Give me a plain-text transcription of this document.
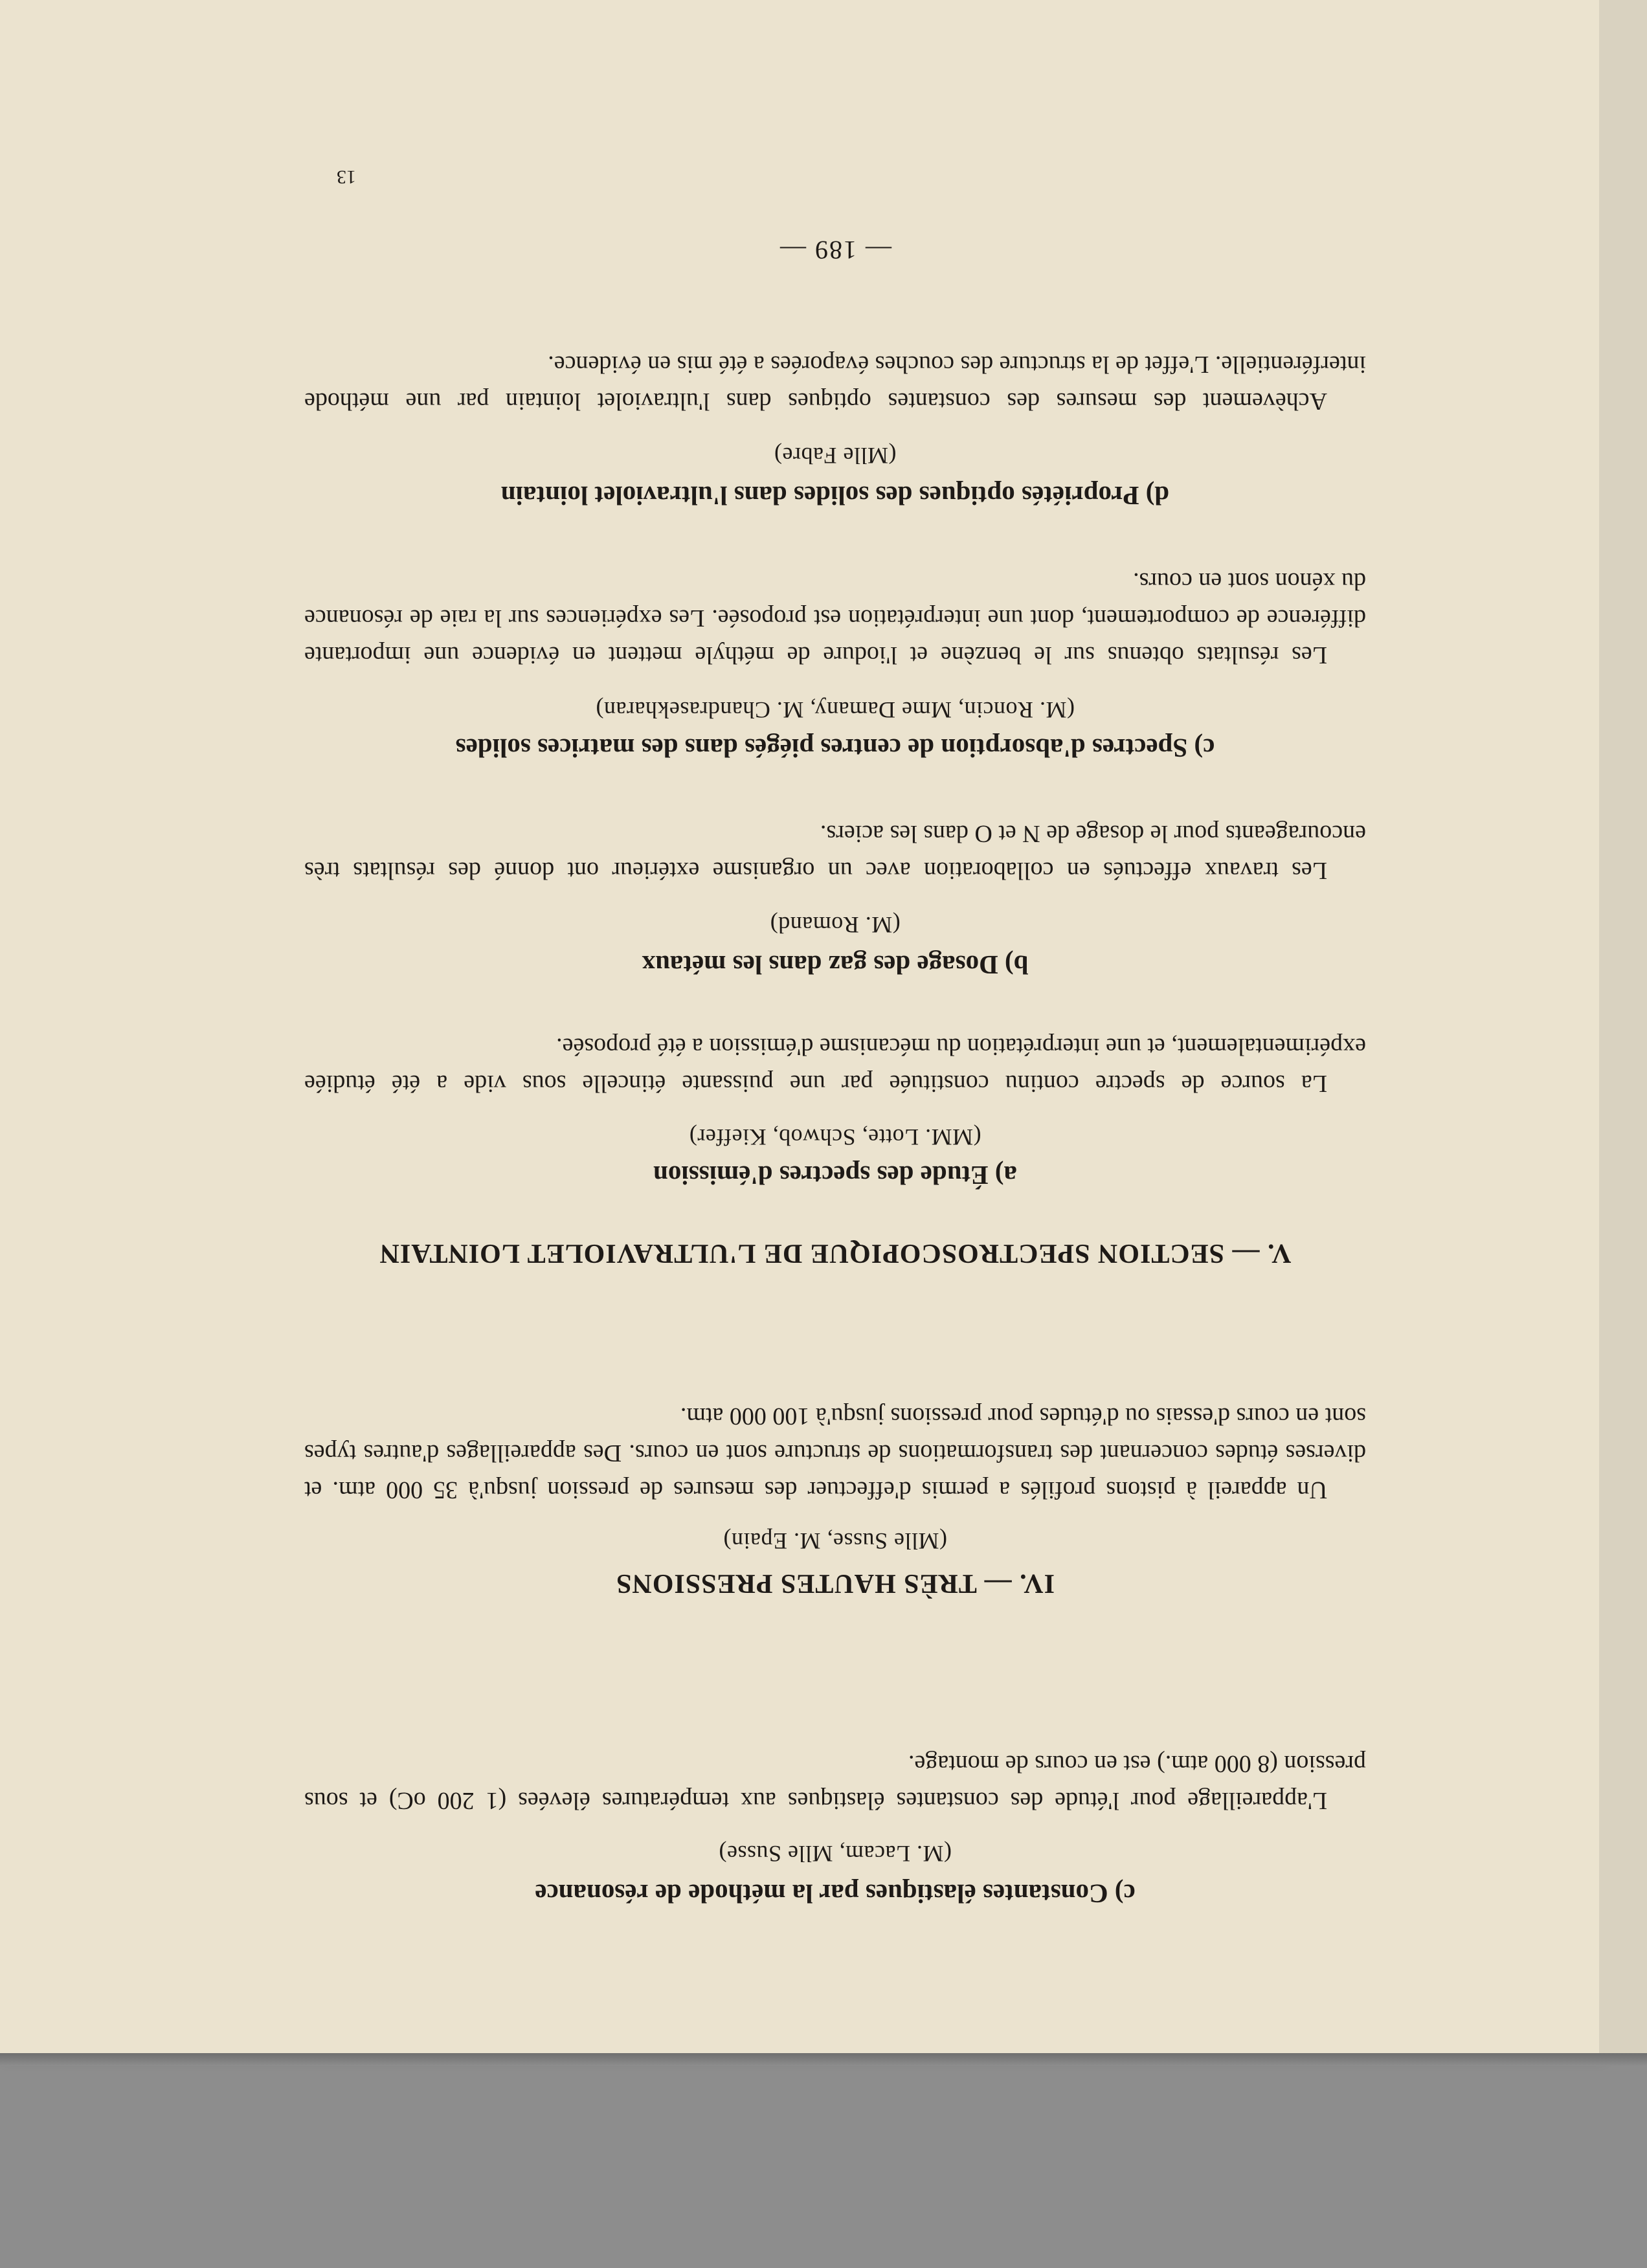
c) Constantes élastiques par la méthode de résonance

(M. Lacam, Mlle Susse)

L'appareillage pour l'étude des constantes élastiques aux températures élevées (1 200 oC) et sous pression (8 000 atm.) est en cours de montage.

IV. — TRÈS HAUTES PRESSIONS

(Mlle Susse, M. Epain)

Un appareil à pistons profilés a permis d'effectuer des mesures de pression jusqu'à 35 000 atm. et diverses études concernant des transformations de structure sont en cours. Des appareillages d'autres types sont en cours d'essais ou d'études pour pressions jusqu'à 100 000 atm.

V. — SECTION SPECTROSCOPIQUE DE L'ULTRAVIOLET LOINTAIN
a) Étude des spectres d'émission

(MM. Lotte, Schwob, Kieffer)

La source de spectre continu constituée par une puissante étincelle sous vide a été étudiée expérimentalement, et une interprétation du mécanisme d'émission a été proposée.

b) Dosage des gaz dans les métaux

(M. Romand)

Les travaux effectués en collaboration avec un organisme extérieur ont donné des résultats très encourageants pour le dosage de N et O dans les aciers.

c) Spectres d'absorption de centres piégés dans des matrices solides

(M. Roncin, Mme Damany, M. Chandrasekharan)

Les résultats obtenus sur le benzène et l'iodure de méthyle mettent en évidence une importante différence de comportement, dont une interprétation est proposée. Les expériences sur la raie de résonance du xénon sont en cours.

d) Propriétés optiques des solides dans l'ultraviolet lointain

(Mlle Fabre)

Achèvement des mesures des constantes optiques dans l'ultraviolet lointain par une méthode interférentielle. L'effet de la structure des couches évaporées a été mis en évidence.

— 189 —
13
